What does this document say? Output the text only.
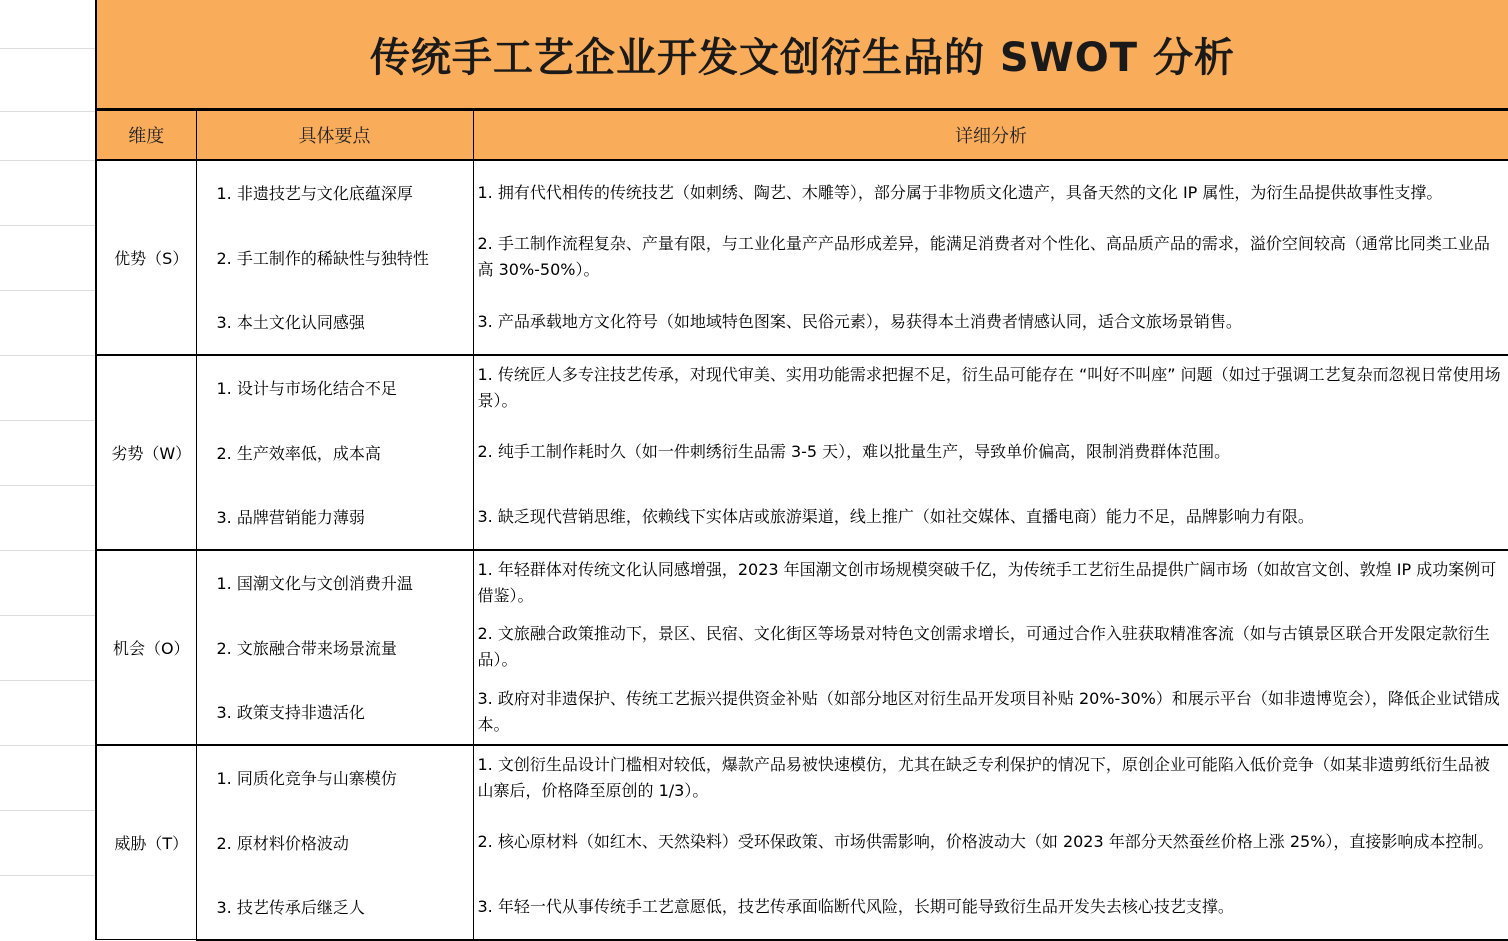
传统手工艺企业开发文创衍生品的 SWOT 分析
维度	具体要点	详细分析
优势（S）	1. 非遗技艺与文化底蕴深厚	1. 拥有代代相传的传统技艺（如刺绣、陶艺、木雕等），部分属于非物质文化遗产，具备天然的文化 IP 属性，为衍生品提供故事性支撑。
	2. 手工制作的稀缺性与独特性	2. 手工制作流程复杂、产量有限，与工业化量产产品形成差异，能满足消费者对个性化、高品质产品的需求，溢价空间较高（通常比同类工业品高 30%-50%）。
	3. 本土文化认同感强	3. 产品承载地方文化符号（如地域特色图案、民俗元素），易获得本土消费者情感认同，适合文旅场景销售。
劣势（W）	1. 设计与市场化结合不足	1. 传统匠人多专注技艺传承，对现代审美、实用功能需求把握不足，衍生品可能存在 “叫好不叫座” 问题（如过于强调工艺复杂而忽视日常使用场景）。
	2. 生产效率低，成本高	2. 纯手工制作耗时久（如一件刺绣衍生品需 3-5 天），难以批量生产，导致单价偏高，限制消费群体范围。
	3. 品牌营销能力薄弱	3. 缺乏现代营销思维，依赖线下实体店或旅游渠道，线上推广（如社交媒体、直播电商）能力不足，品牌影响力有限。
机会（O）	1. 国潮文化与文创消费升温	1. 年轻群体对传统文化认同感增强，2023 年国潮文创市场规模突破千亿，为传统手工艺衍生品提供广阔市场（如故宫文创、敦煌 IP 成功案例可借鉴）。
	2. 文旅融合带来场景流量	2. 文旅融合政策推动下，景区、民宿、文化街区等场景对特色文创需求增长，可通过合作入驻获取精准客流（如与古镇景区联合开发限定款衍生品）。
	3. 政策支持非遗活化	3. 政府对非遗保护、传统工艺振兴提供资金补贴（如部分地区对衍生品开发项目补贴 20%-30%）和展示平台（如非遗博览会），降低企业试错成本。
威胁（T）	1. 同质化竞争与山寨模仿	1. 文创衍生品设计门槛相对较低，爆款产品易被快速模仿，尤其在缺乏专利保护的情况下，原创企业可能陷入低价竞争（如某非遗剪纸衍生品被山寨后，价格降至原创的 1/3）。
	2. 原材料价格波动	2. 核心原材料（如红木、天然染料）受环保政策、市场供需影响，价格波动大（如 2023 年部分天然蚕丝价格上涨 25%），直接影响成本控制。
	3. 技艺传承后继乏人	3. 年轻一代从事传统手工艺意愿低，技艺传承面临断代风险，长期可能导致衍生品开发失去核心技艺支撑。
